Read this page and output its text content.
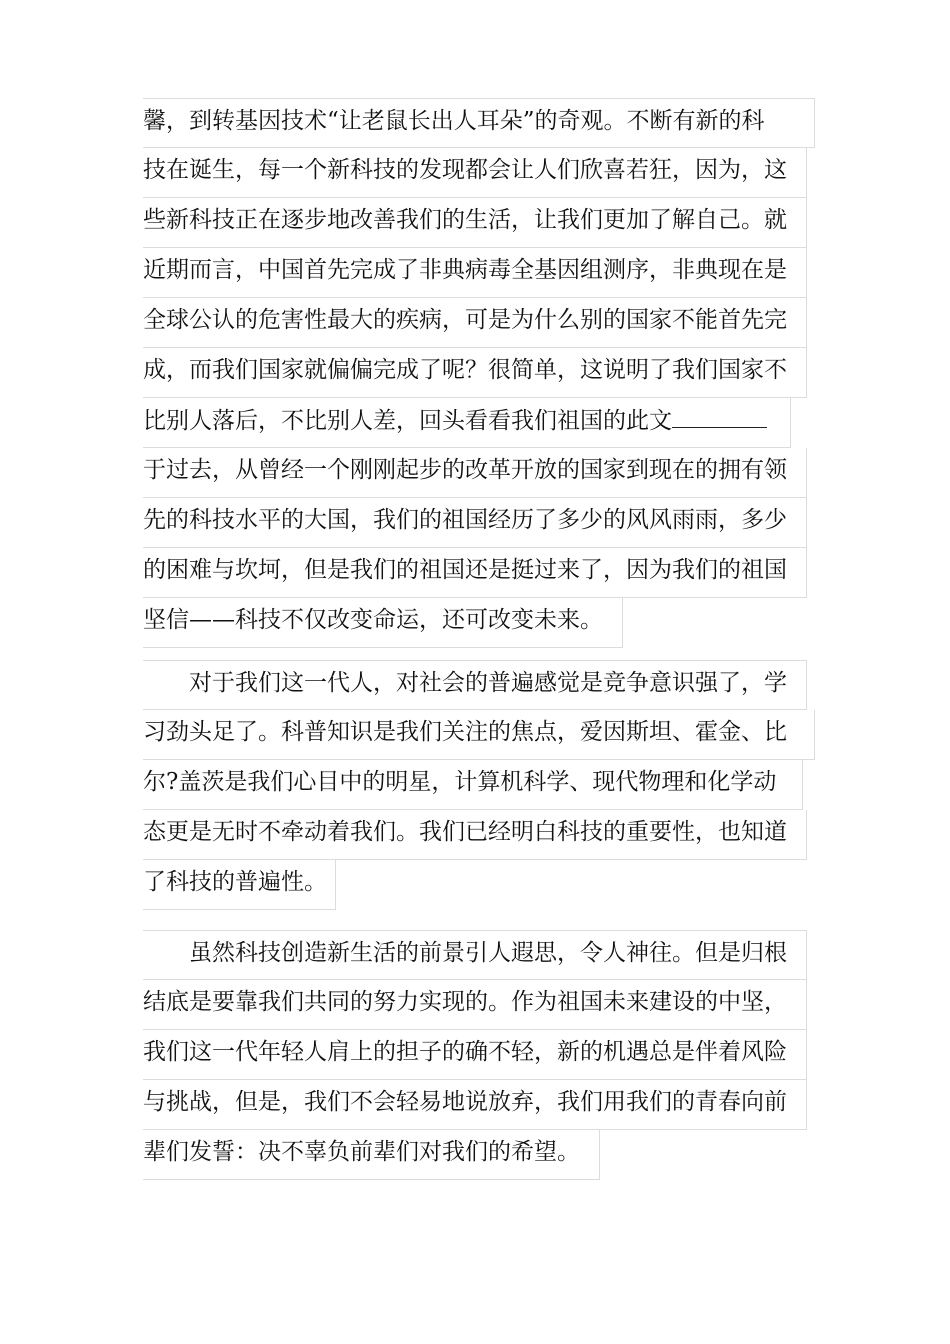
馨，到转基因技术“让老鼠长出人耳朵”的奇观。不断有新的科
技在诞生，每一个新科技的发现都会让人们欣喜若狂，因为，这
些新科技正在逐步地改善我们的生活，让我们更加了解自己。就
近期而言，中国首先完成了非典病毒全基因组测序，非典现在是
全球公认的危害性最大的疾病，可是为什么别的国家不能首先完
成，而我们国家就偏偏完成了呢？很简单，这说明了我们国家不
比别人落后，不比别人差，回头看看我们祖国的此文
于过去，从曾经一个刚刚起步的改革开放的国家到现在的拥有领
先的科技水平的大国，我们的祖国经历了多少的风风雨雨，多少
的困难与坎坷，但是我们的祖国还是挺过来了，因为我们的祖国
坚信——科技不仅改变命运，还可改变未来。
对于我们这一代人，对社会的普遍感觉是竞争意识强了，学
习劲头足了。科普知识是我们关注的焦点，爱因斯坦、霍金、比
尔?盖茨是我们心目中的明星，计算机科学、现代物理和化学动
态更是无时不牵动着我们。我们已经明白科技的重要性，也知道
了科技的普遍性。
虽然科技创造新生活的前景引人遐思，令人神往。但是归根
结底是要靠我们共同的努力实现的。作为祖国未来建设的中坚，
我们这一代年轻人肩上的担子的确不轻，新的机遇总是伴着风险
与挑战，但是，我们不会轻易地说放弃，我们用我们的青春向前
辈们发誓：决不辜负前辈们对我们的希望。
